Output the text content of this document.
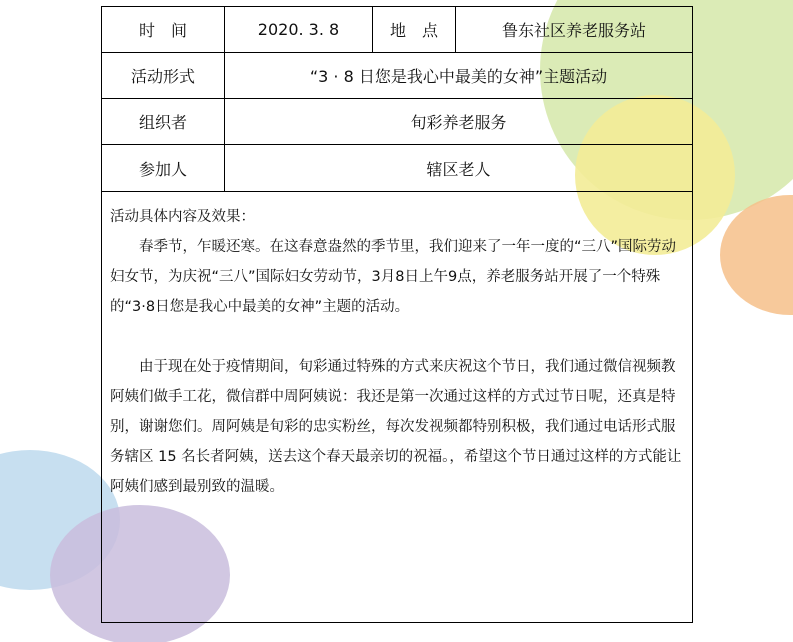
时　间	2020. 3. 8	地　点	鲁东社区养老服务站
活动形式	“3 · 8 日您是我心中最美的女神”主题活动
组织者	旬彩养老服务
参加人	辖区老人

活动具体内容及效果：

春季节，乍暖还寒。在这春意盎然的季节里，我们迎来了一年一度的“三八”国际劳动妇女节，为庆祝“三八”国际妇女劳动节，3月8日上午9点，养老服务站开展了一个特殊的“3·8日您是我心中最美的女神”主题的活动。

由于现在处于疫情期间，旬彩通过特殊的方式来庆祝这个节日，我们通过微信视频教阿姨们做手工花，微信群中周阿姨说：我还是第一次通过这样的方式过节日呢，还真是特别，谢谢您们。周阿姨是旬彩的忠实粉丝，每次发视频都特别积极，我们通过电话形式服务辖区 15 名长者阿姨，送去这个春天最亲切的祝福。，希望这个节日通过这样的方式能让阿姨们感到最别致的温暖。
